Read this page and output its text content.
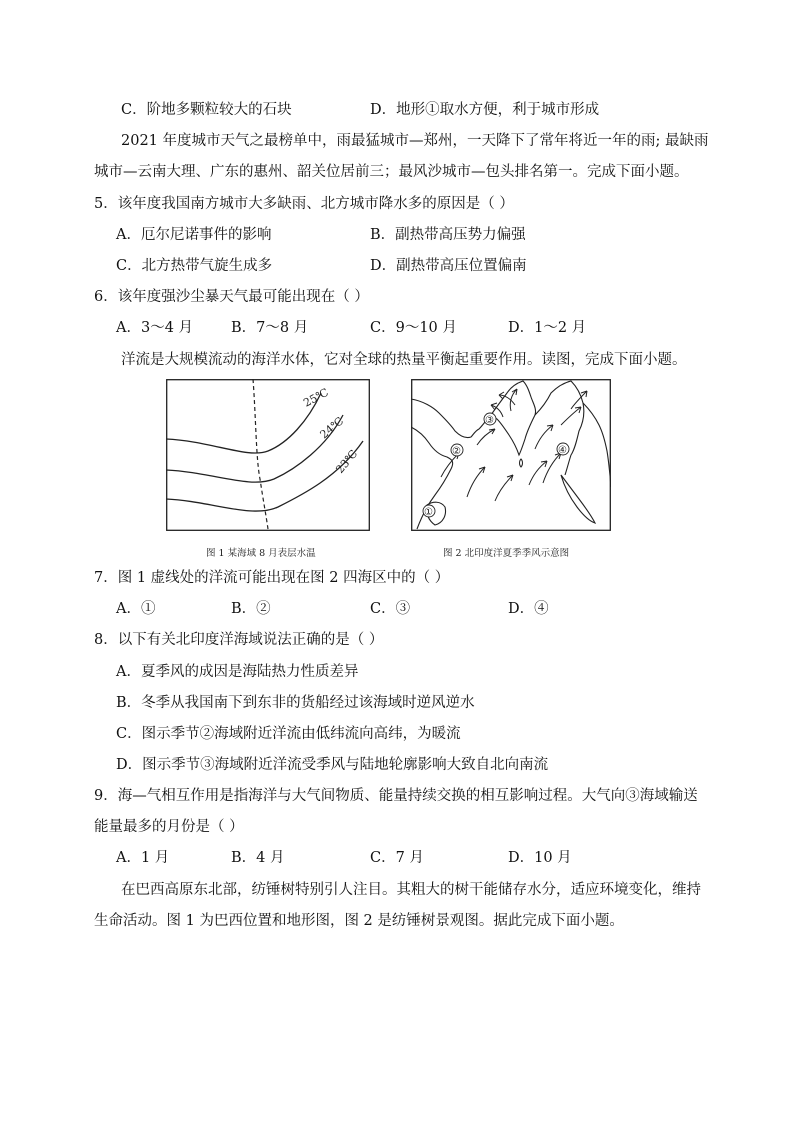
C．阶地多颗粒较大的石块	D．地形①取水方便，利于城市形成
2021 年度城市天气之最榜单中，雨最猛城市—郑州，一天降下了常年将近一年的雨; 最缺雨
城市—云南大理、广东的惠州、韶关位居前三；最风沙城市—包头排名第一。完成下面小题。
5．该年度我国南方城市大多缺雨、北方城市降水多的原因是（ ）
A．厄尔尼诺事件的影响	B．副热带高压势力偏强
C．北方热带气旋生成多	D．副热带高压位置偏南
6．该年度强沙尘暴天气最可能出现在（ ）
A．3～4 月	B．7～8 月	C．9～10 月	D．1～2 月
洋流是大规模流动的海洋水体，它对全球的热量平衡起重要作用。读图，完成下面小题。
25℃
24℃
23℃
图 1 某海域 8 月表层水温
①
②
③
④
图 2 北印度洋夏季季风示意图
7．图 1 虚线处的洋流可能出现在图 2 四海区中的（ ）
A．①	B．②	C．③	D．④
8．以下有关北印度洋海域说法正确的是（ ）
A．夏季风的成因是海陆热力性质差异
B．冬季从我国南下到东非的货船经过该海域时逆风逆水
C．图示季节②海域附近洋流由低纬流向高纬，为暖流
D．图示季节③海域附近洋流受季风与陆地轮廓影响大致自北向南流
9．海—气相互作用是指海洋与大气间物质、能量持续交换的相互影响过程。大气向③海域输送
能量最多的月份是（ ）
A．1 月	B．4 月	C．7 月	D．10 月
在巴西高原东北部，纺锤树特别引人注目。其粗大的树干能储存水分，适应环境变化，维持
生命活动。图 1 为巴西位置和地形图，图 2 是纺锤树景观图。据此完成下面小题。
